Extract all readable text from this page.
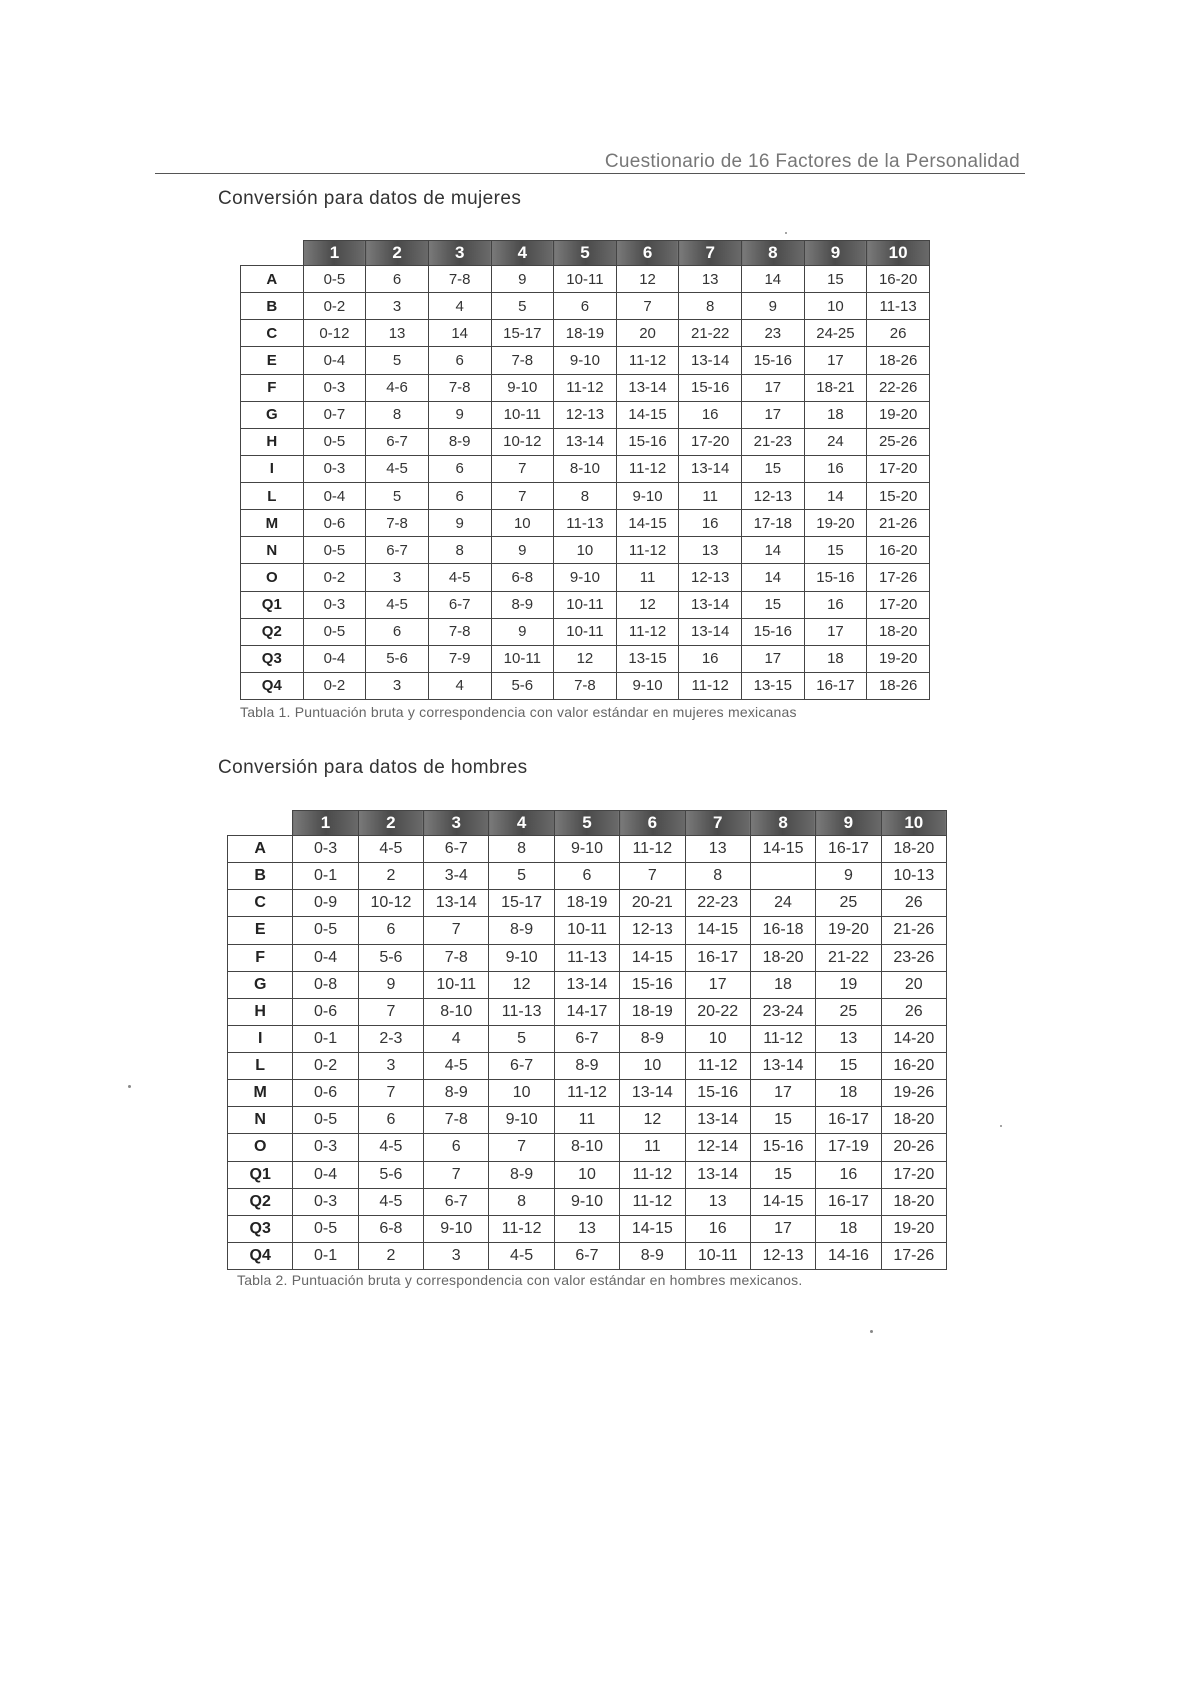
Cuestionario de 16 Factores de la Personalidad
Conversión para datos de mujeres
	1	2	3	4	5	6	7	8	9	10
A	0-5	6	7-8	9	10-11	12	13	14	15	16-20
B	0-2	3	4	5	6	7	8	9	10	11-13
C	0-12	13	14	15-17	18-19	20	21-22	23	24-25	26
E	0-4	5	6	7-8	9-10	11-12	13-14	15-16	17	18-26
F	0-3	4-6	7-8	9-10	11-12	13-14	15-16	17	18-21	22-26
G	0-7	8	9	10-11	12-13	14-15	16	17	18	19-20
H	0-5	6-7	8-9	10-12	13-14	15-16	17-20	21-23	24	25-26
I	0-3	4-5	6	7	8-10	11-12	13-14	15	16	17-20
L	0-4	5	6	7	8	9-10	11	12-13	14	15-20
M	0-6	7-8	9	10	11-13	14-15	16	17-18	19-20	21-26
N	0-5	6-7	8	9	10	11-12	13	14	15	16-20
O	0-2	3	4-5	6-8	9-10	11	12-13	14	15-16	17-26
Q1	0-3	4-5	6-7	8-9	10-11	12	13-14	15	16	17-20
Q2	0-5	6	7-8	9	10-11	11-12	13-14	15-16	17	18-20
Q3	0-4	5-6	7-9	10-11	12	13-15	16	17	18	19-20
Q4	0-2	3	4	5-6	7-8	9-10	11-12	13-15	16-17	18-26
Tabla 1. Puntuación bruta y correspondencia con valor estándar en mujeres mexicanas
Conversión para datos de hombres
	1	2	3	4	5	6	7	8	9	10
A	0-3	4-5	6-7	8	9-10	11-12	13	14-15	16-17	18-20
B	0-1	2	3-4	5	6	7	8		9	10-13
C	0-9	10-12	13-14	15-17	18-19	20-21	22-23	24	25	26
E	0-5	6	7	8-9	10-11	12-13	14-15	16-18	19-20	21-26
F	0-4	5-6	7-8	9-10	11-13	14-15	16-17	18-20	21-22	23-26
G	0-8	9	10-11	12	13-14	15-16	17	18	19	20
H	0-6	7	8-10	11-13	14-17	18-19	20-22	23-24	25	26
I	0-1	2-3	4	5	6-7	8-9	10	11-12	13	14-20
L	0-2	3	4-5	6-7	8-9	10	11-12	13-14	15	16-20
M	0-6	7	8-9	10	11-12	13-14	15-16	17	18	19-26
N	0-5	6	7-8	9-10	11	12	13-14	15	16-17	18-20
O	0-3	4-5	6	7	8-10	11	12-14	15-16	17-19	20-26
Q1	0-4	5-6	7	8-9	10	11-12	13-14	15	16	17-20
Q2	0-3	4-5	6-7	8	9-10	11-12	13	14-15	16-17	18-20
Q3	0-5	6-8	9-10	11-12	13	14-15	16	17	18	19-20
Q4	0-1	2	3	4-5	6-7	8-9	10-11	12-13	14-16	17-26
Tabla 2. Puntuación bruta y correspondencia con valor estándar en hombres mexicanos.
